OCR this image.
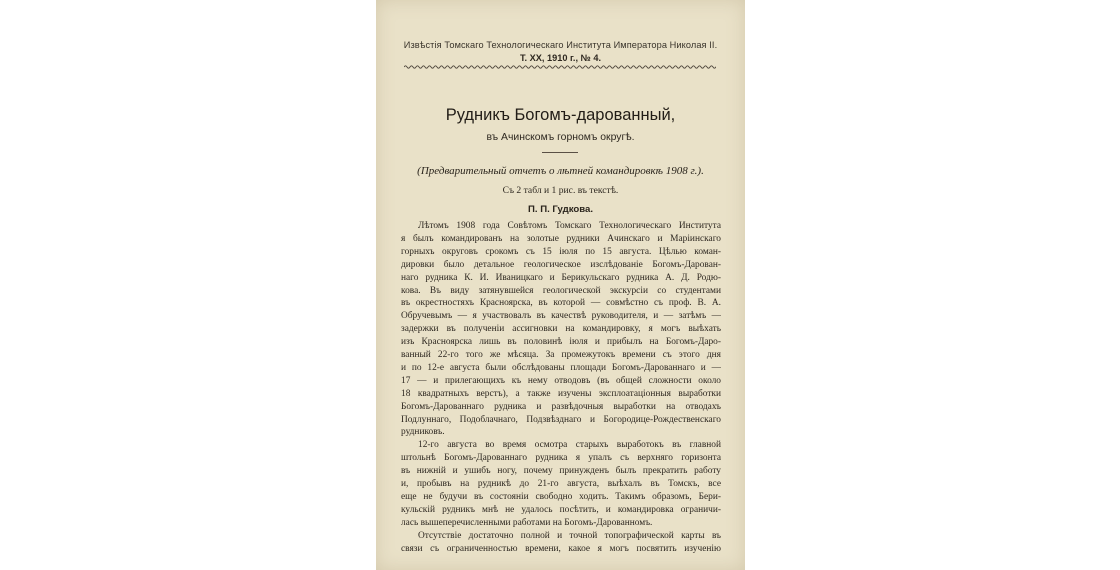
Извѣстія Томскаго Технологическаго Института Императора Николая II.
Т. XX, 1910 г., № 4.
Рудникъ Богомъ-дарованный,
въ Ачинскомъ горномъ округѣ.
(Предварительный отчетъ о лѣтней командировкѣ 1908 г.).
Съ 2 табл и 1 рис. въ текстѣ.
П. П. Гудкова.
Лѣтомъ 1908 года Совѣтомъ Томскаго Технологическаго Института
я былъ командированъ на золотые рудники Ачинскаго и Маріинскаго
горныхъ округовъ срокомъ съ 15 іюля по 15 августа. Цѣлью коман-
дировки было детальное геологическое изслѣдованіе Богомъ-Дарован-
наго рудника К. И. Иваницкаго и Берикульскаго рудника А. Д. Родю-
кова. Въ виду затянувшейся геологической экскурсіи со студентами
въ окрестностяхъ Красноярска, въ которой — совмѣстно съ проф. В. А.
Обручевымъ — я участвовалъ въ качествѣ руководителя, и — затѣмъ —
задержки въ полученіи ассигновки на командировку, я могъ выѣхать
изъ Красноярска лишь въ половинѣ іюля и прибылъ на Богомъ-Даро-
ванный 22-го того же мѣсяца. За промежутокъ времени съ этого дня
и по 12-е августа были обслѣдованы площади Богомъ-Дарованнаго и —
17 — и прилегающихъ къ нему отводовъ (въ общей сложности около
18 квадратныхъ верстъ), а также изучены эксплоатаціонныя выработки
Богомъ-Дарованнаго рудника и развѣдочныя выработки на отводахъ
Подлуннаго, Подоблачнаго, Подзвѣзднаго и Богородице-Рождественскаго
рудниковъ.
12-го августа во время осмотра старыхъ выработокъ въ главной
штольнѣ Богомъ-Дарованнаго рудника я упалъ съ верхняго горизонта
въ нижній и ушибъ ногу, почему принужденъ былъ прекратить работу
и, пробывъ на рудникѣ до 21-го августа, выѣхалъ въ Томскъ, все
еще не будучи въ состояніи свободно ходить. Такимъ образомъ, Бери-
кульскій рудникъ мнѣ не удалось посѣтить, и командировка ограничи-
лась вышеперечисленными работами на Богомъ-Дарованномъ.
Отсутствіе достаточно полной и точной топографической карты въ
связи съ ограниченностью времени, какое я могъ посвятить изученію
